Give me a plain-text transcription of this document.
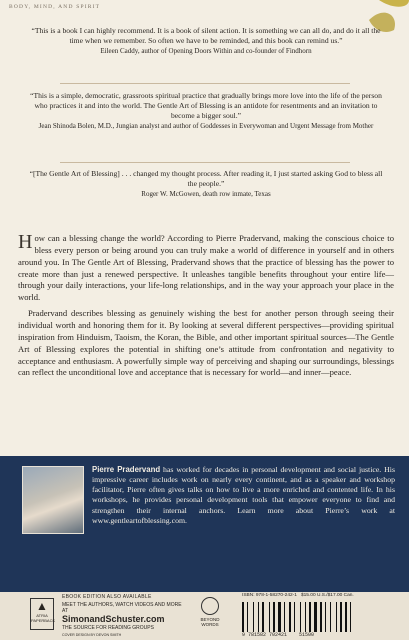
BODY, MIND, AND SPIRIT
“This is a book I can highly recommend. It is a book of silent action. It is something we can all do, and do it all the time when we remember. So often we have to be reminded, and this book can remind us.”
Eileen Caddy, author of Opening Doors Within and co-founder of Findhorn
“This is a simple, democratic, grassroots spiritual practice that gradually brings more love into the life of the person who practices it and into the world. The Gentle Art of Blessing is an antidote for resentments and an invitation to become a bigger soul.”
Jean Shinoda Bolen, M.D., Jungian analyst and author of Goddesses in Everywoman and Urgent Message from Mother
“[The Gentle Art of Blessing] . . . changed my thought process. After reading it, I just started asking God to bless all the people.”
Roger W. McGowen, death row inmate, Texas

How can a blessing change the world? According to Pierre Pradervand, making the conscious choice to bless every person or being around you can truly make a world of difference in yourself and in others around you. In The Gentle Art of Blessing, Pradervand shows that the practice of blessing has the power to create more than just a renewed perspective. It unleashes tangible benefits throughout your entire life—through your daily interactions, your life-long relationships, and in the way your approach your place in the world.

Pradervand describes blessing as genuinely wishing the best for another person through seeing their individual worth and honoring them for it. By looking at several different perspectives—providing spiritual inspiration from Hinduism, Taoism, the Koran, the Bible, and other important spiritual sources—The Gentle Art of Blessing explores the potential in shifting one’s attitude from confrontation and negativity to acceptance and enthusiasm. A powerfully simple way of perceiving and shaping our surroundings, blessings can reflect the unconditional love and acceptance that is necessary for world—and inner—peace.

Pierre Pradervand has worked for decades in personal development and social justice. His impressive career includes work on nearly every continent, and as a speaker and workshop facilitator, Pierre often gives talks on how to live a more enriched and contented life. In his workshops, he provides personal development tools that empower everyone to find and strengthen their internal anchors. Learn more about Pierre’s work at www.gentleartofblessing.com.
▲
ATRIA PAPERBACK
EBOOK EDITION ALSO AVAILABLE
MEET THE AUTHORS, WATCH VIDEOS AND MORE AT
SimonandSchuster.com
THE SOURCE FOR READING GROUPS
COVER DESIGN BY DEVON SMITH
BEYOND WORDS
ISBN: 978-1-58270-242-1 $15.00 U.S./$17.00 Can.
9 781582 702421 51500
